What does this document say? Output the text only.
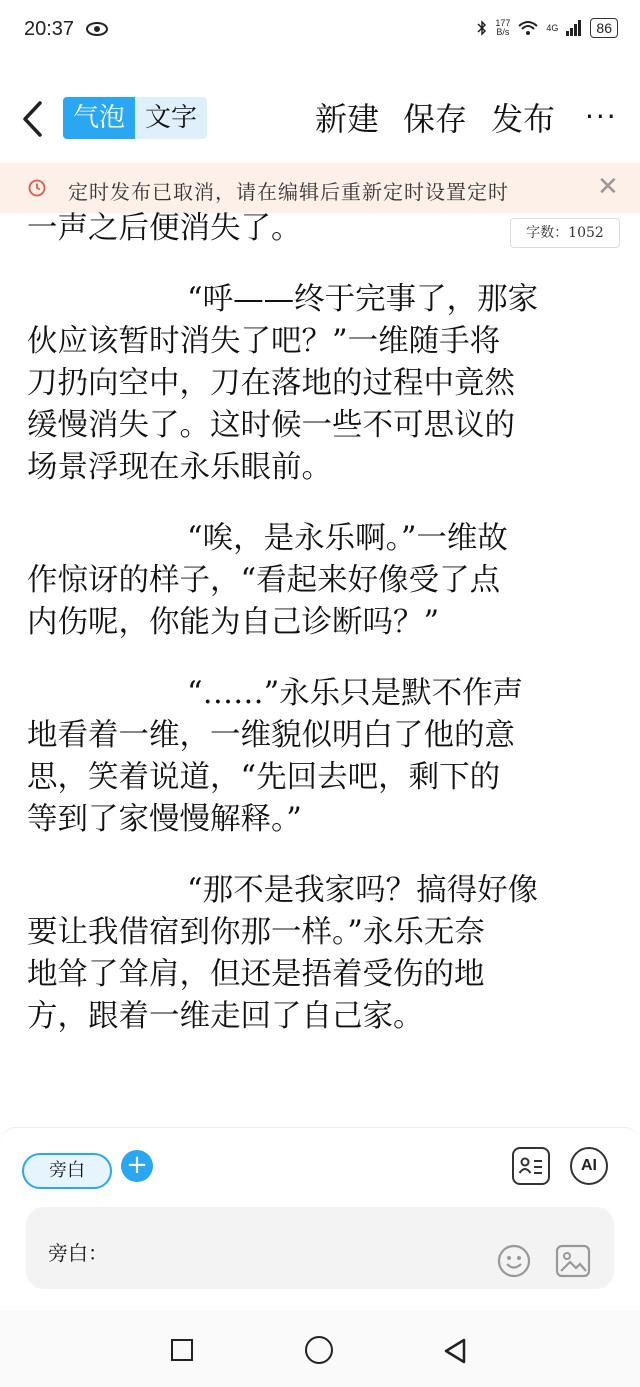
20:37	177
B/s	4G	86
气泡 文字	新建 保存 发布 ···
定时发布已取消，请在编辑后重新定时设置定时	✕
一声之后便消失了。
“呼——终于完事了，那家
伙应该暂时消失了吧？”一维随手将
刀扔向空中，刀在落地的过程中竟然
缓慢消失了。这时候一些不可思议的
场景浮现在永乐眼前。
“唉，是永乐啊。”一维故
作惊讶的样子，“看起来好像受了点
内伤呢，你能为自己诊断吗？”
“……”永乐只是默不作声
地看着一维，一维貌似明白了他的意
思，笑着说道，“先回去吧，剩下的
等到了家慢慢解释。”
“那不是我家吗？搞得好像
要让我借宿到你那一样。”永乐无奈
地耸了耸肩，但还是捂着受伤的地
方，跟着一维走回了自己家。
字数：1052
旁白	+	AI
旁白：
